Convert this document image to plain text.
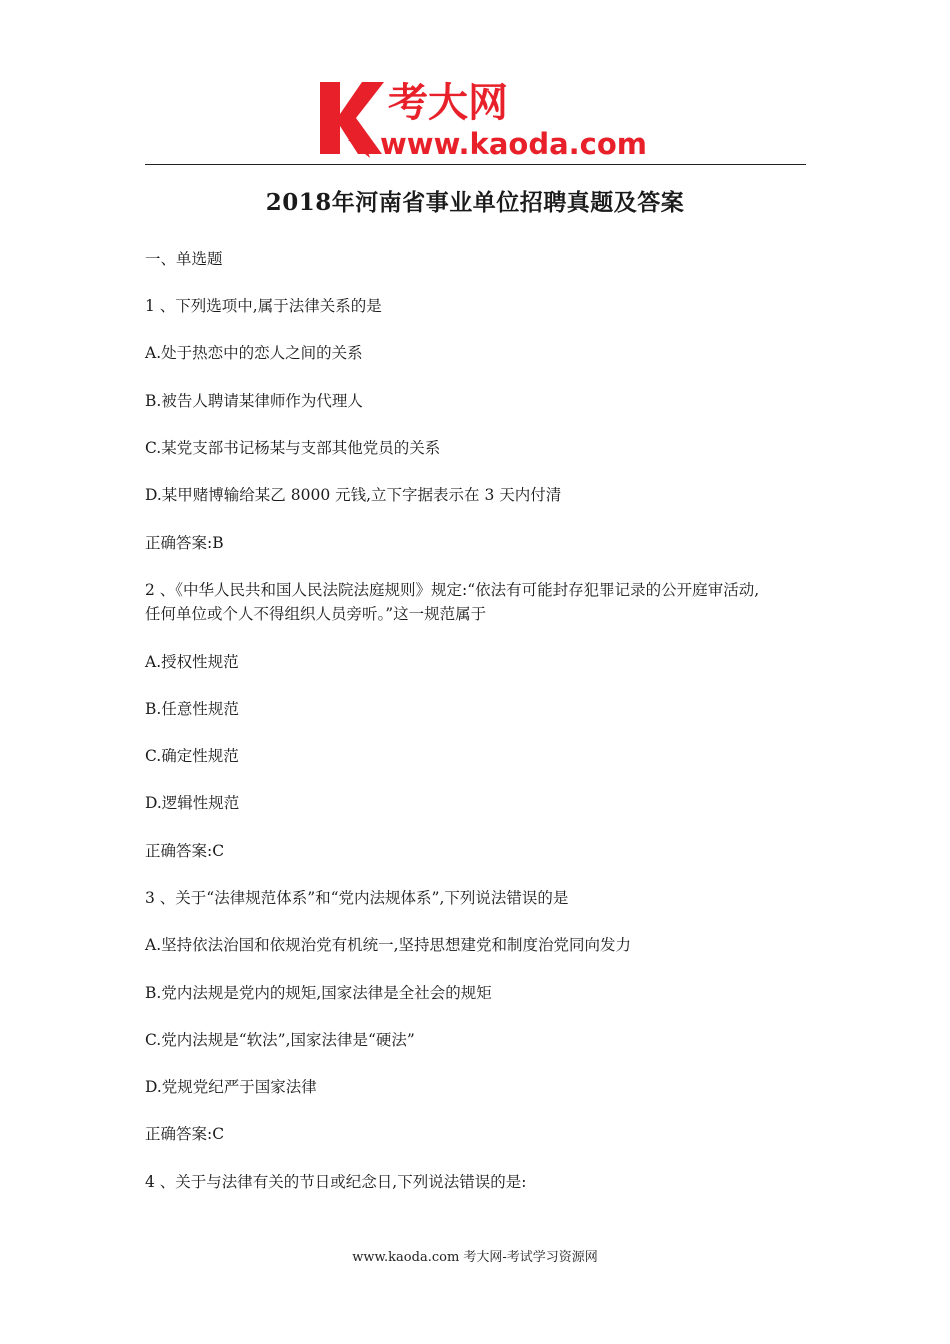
考大网
www.kaoda.com
2018年河南省事业单位招聘真题及答案
一、单选题
1 、下列选项中,属于法律关系的是
A.处于热恋中的恋人之间的关系
B.被告人聘请某律师作为代理人
C.某党支部书记杨某与支部其他党员的关系
D.某甲赌博输给某乙 8000 元钱,立下字据表示在 3 天内付清
正确答案:B
2 、《中华人民共和国人民法院法庭规则》规定:“依法有可能封存犯罪记录的公开庭审活动,
任何单位或个人不得组织人员旁听。”这一规范属于
A.授权性规范
B.任意性规范
C.确定性规范
D.逻辑性规范
正确答案:C
3 、关于“法律规范体系”和“党内法规体系”,下列说法错误的是
A.坚持依法治国和依规治党有机统一,坚持思想建党和制度治党同向发力
B.党内法规是党内的规矩,国家法律是全社会的规矩
C.党内法规是“软法”,国家法律是“硬法”
D.党规党纪严于国家法律
正确答案:C
4 、关于与法律有关的节日或纪念日,下列说法错误的是:
www.kaoda.com 考大网-考试学习资源网
